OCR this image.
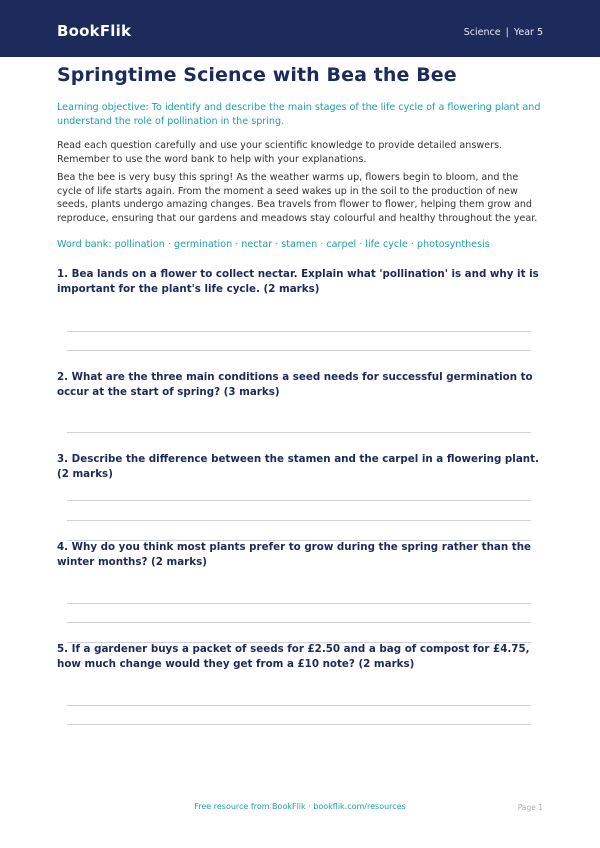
BookFlik	Science | Year 5
Springtime Science with Bea the Bee

Learning objective: To identify and describe the main stages of the life cycle of a flowering plant and understand the role of pollination in the spring.

Read each question carefully and use your scientific knowledge to provide detailed answers. Remember to use the word bank to help with your explanations.

Bea the bee is very busy this spring! As the weather warms up, flowers begin to bloom, and the cycle of life starts again. From the moment a seed wakes up in the soil to the production of new seeds, plants undergo amazing changes. Bea travels from flower to flower, helping them grow and reproduce, ensuring that our gardens and meadows stay colourful and healthy throughout the year.

Word bank: pollination · germination · nectar · stamen · carpel · life cycle · photosynthesis

1. Bea lands on a flower to collect nectar. Explain what 'pollination' is and why it is important for the plant's life cycle. (2 marks)

2. What are the three main conditions a seed needs for successful germination to occur at the start of spring? (3 marks)

3. Describe the difference between the stamen and the carpel in a flowering plant. (2 marks)

4. Why do you think most plants prefer to grow during the spring rather than the winter months? (2 marks)

5. If a gardener buys a packet of seeds for £2.50 and a bag of compost for £4.75, how much change would they get from a £10 note? (2 marks)

Free resource from BookFlik · bookflik.com/resources	Page 1
